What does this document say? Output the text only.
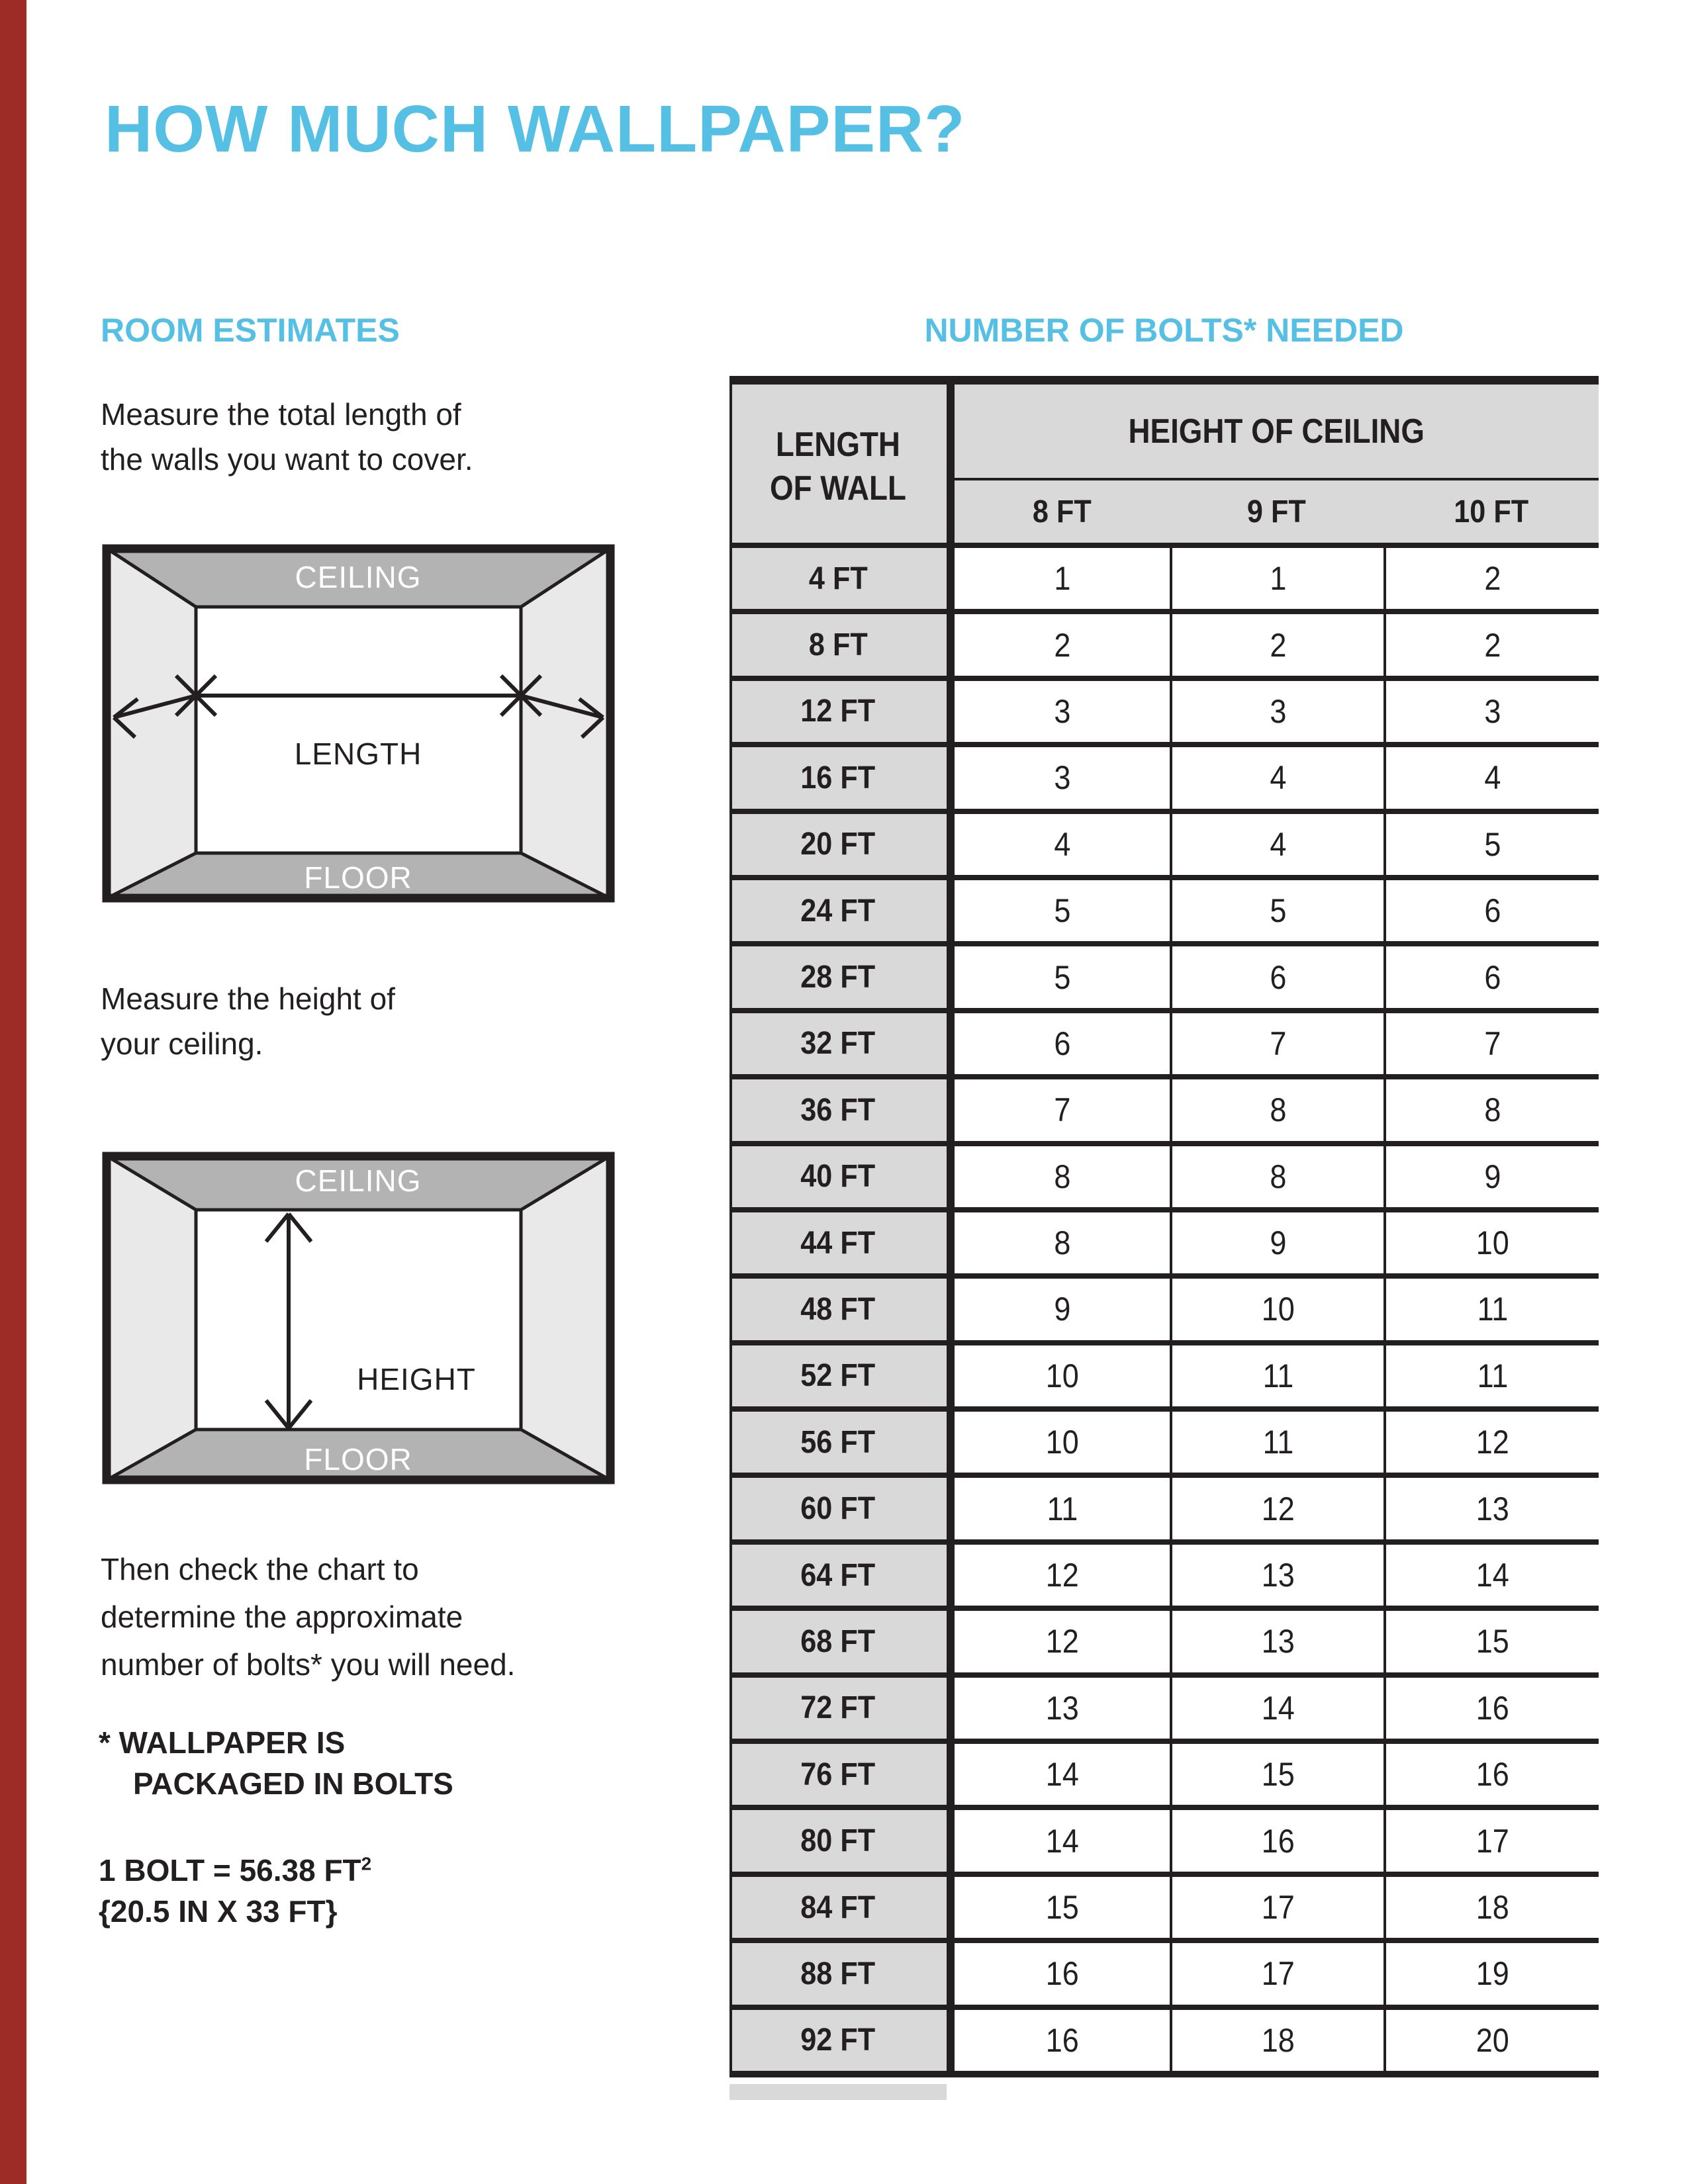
HOW MUCH WALLPAPER?
ROOM ESTIMATES	NUMBER OF BOLTS* NEEDED
Measure the total length of
the walls you want to cover.
CEILING
FLOOR
LENGTH
Measure the height of
your ceiling.
CEILING
FLOOR
HEIGHT
Then check the chart to
determine the approximate
number of bolts* you will need.
* WALLPAPER IS
PACKAGED IN BOLTS
1 BOLT = 56.38 $FT^2$
{20.5 IN X 33 FT}
LENGTH
OF WALL
HEIGHT OF CEILING
8 FT	9 FT	10 FT
4 FT	1	1	2
8 FT	2	2	2
12 FT	3	3	3
16 FT	3	4	4
20 FT	4	4	5
24 FT	5	5	6
28 FT	5	6	6
32 FT	6	7	7
36 FT	7	8	8
40 FT	8	8	9
44 FT	8	9	10
48 FT	9	10	11
52 FT	10	11	11
56 FT	10	11	12
60 FT	11	12	13
64 FT	12	13	14
68 FT	12	13	15
72 FT	13	14	16
76 FT	14	15	16
80 FT	14	16	17
84 FT	15	17	18
88 FT	16	17	19
92 FT	16	18	20
